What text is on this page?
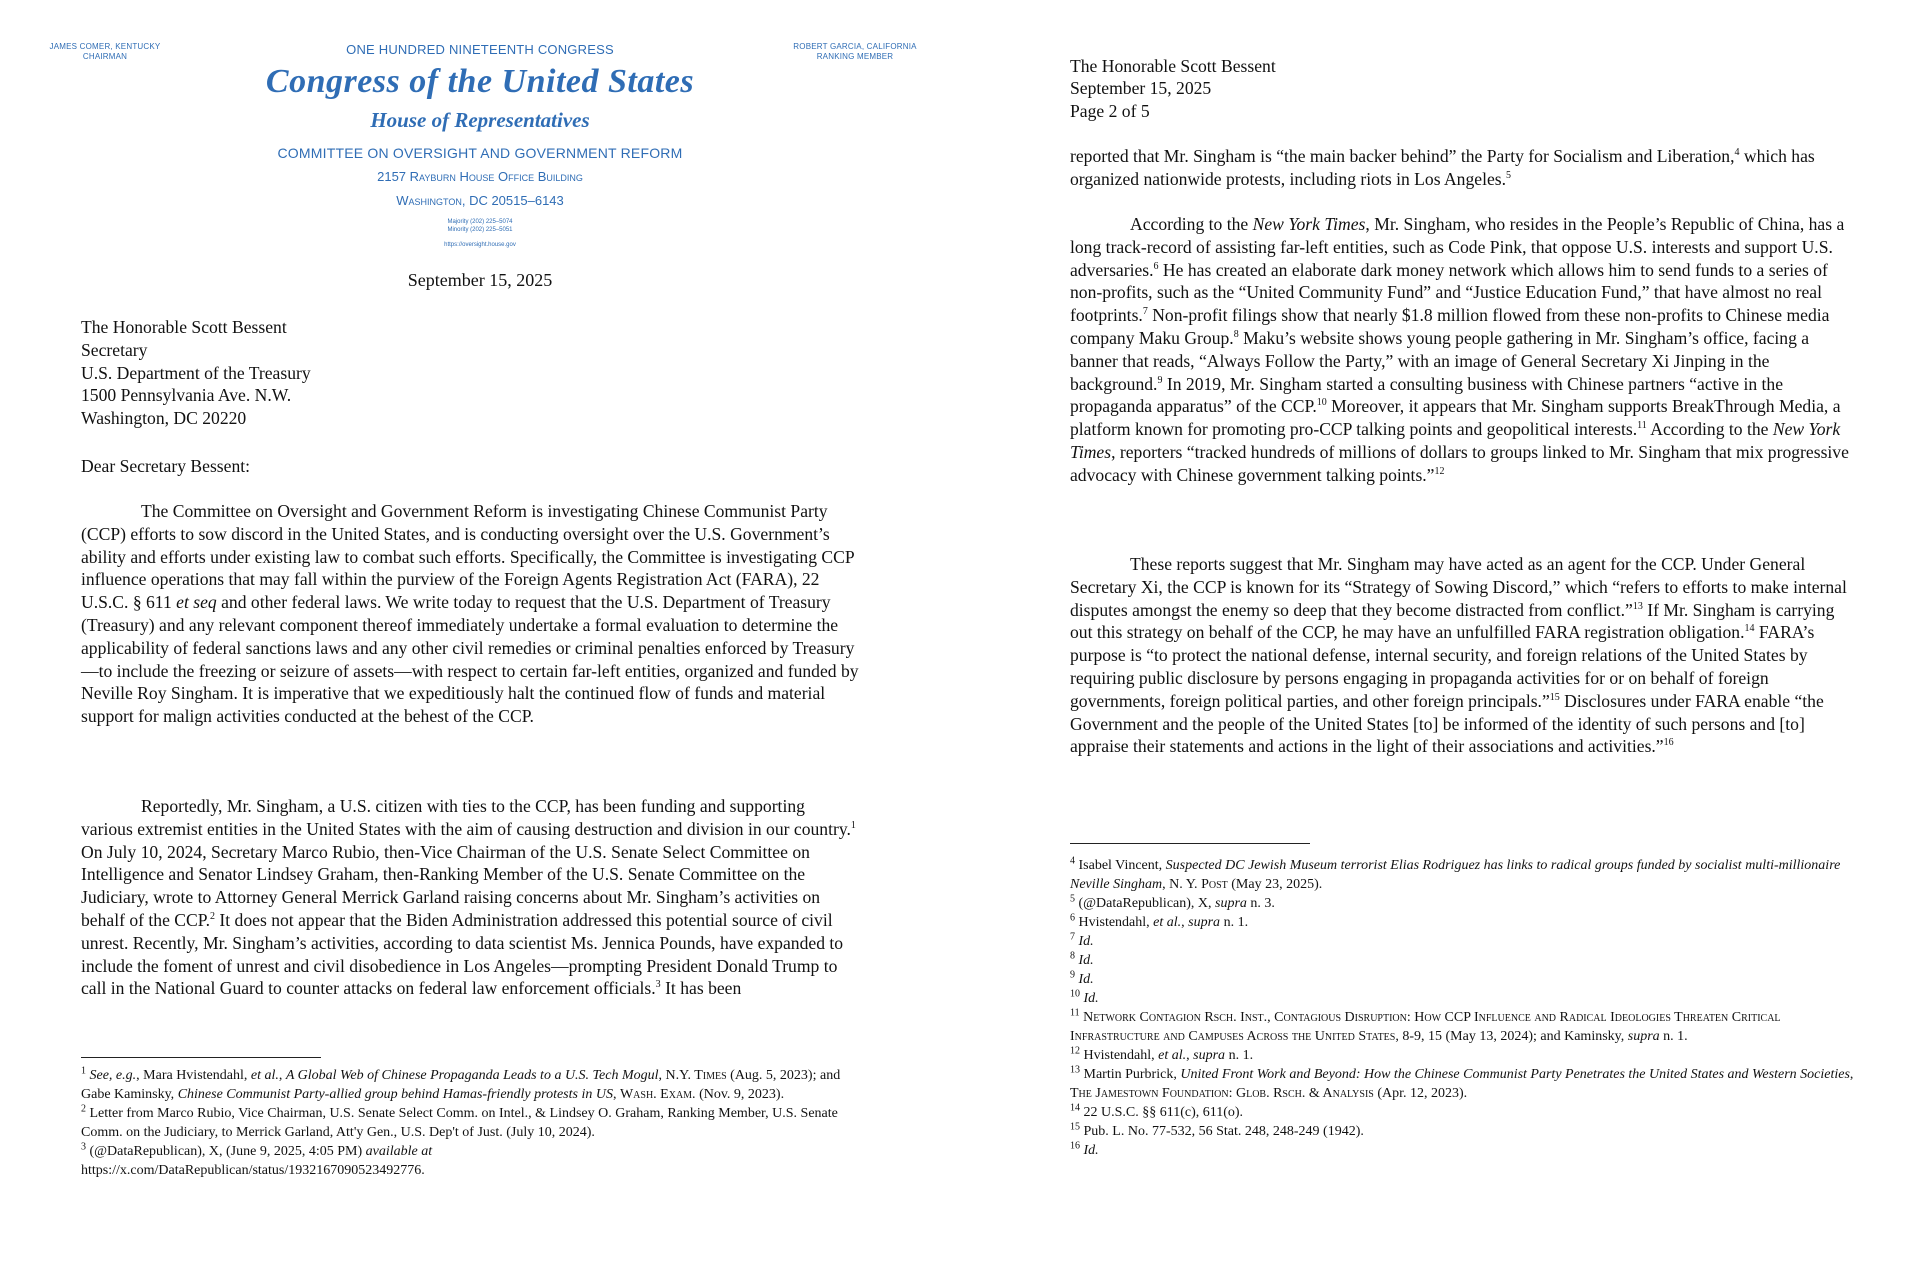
JAMES COMER, KENTUCKY
CHAIRMAN
ROBERT GARCIA, CALIFORNIA
RANKING MEMBER
ONE HUNDRED NINETEENTH CONGRESS
Congress of the United States
House of Representatives
COMMITTEE ON OVERSIGHT AND GOVERNMENT REFORM
2157 Rayburn House Office Building
Washington, DC 20515–6143
Majority (202) 225–5074
Minority (202) 225–5051
https://oversight.house.gov
September 15, 2025
The Honorable Scott Bessent
Secretary
U.S. Department of the Treasury
1500 Pennsylvania Ave. N.W.
Washington, DC 20220
Dear Secretary Bessent:

The Committee on Oversight and Government Reform is investigating Chinese Communist Party (CCP) efforts to sow discord in the United States, and is conducting oversight over the U.S. Government’s ability and efforts under existing law to combat such efforts. Specifically, the Committee is investigating CCP influence operations that may fall within the purview of the Foreign Agents Registration Act (FARA), 22 U.S.C. § 611 et seq and other federal laws. We write today to request that the U.S. Department of Treasury (Treasury) and any relevant component thereof immediately undertake a formal evaluation to determine the applicability of federal sanctions laws and any other civil remedies or criminal penalties enforced by Treasury—to include the freezing or seizure of assets—with respect to certain far-left entities, organized and funded by Neville Roy Singham. It is imperative that we expeditiously halt the continued flow of funds and material support for malign activities conducted at the behest of the CCP.

Reportedly, Mr. Singham, a U.S. citizen with ties to the CCP, has been funding and supporting various extremist entities in the United States with the aim of causing destruction and division in our country.$^1$ On July 10, 2024, Secretary Marco Rubio, then-Vice Chairman of the U.S. Senate Select Committee on Intelligence and Senator Lindsey Graham, then-Ranking Member of the U.S. Senate Committee on the Judiciary, wrote to Attorney General Merrick Garland raising concerns about Mr. Singham’s activities on behalf of the CCP.$^2$ It does not appear that the Biden Administration addressed this potential source of civil unrest. Recently, Mr. Singham’s activities, according to data scientist Ms. Jennica Pounds, have expanded to include the foment of unrest and civil disobedience in Los Angeles—prompting President Donald Trump to call in the National Guard to counter attacks on federal law enforcement officials.$^3$ It has been

$^1$ See, e.g., Mara Hvistendahl, et al., A Global Web of Chinese Propaganda Leads to a U.S. Tech Mogul, N.Y. Times (Aug. 5, 2023); and Gabe Kaminsky, Chinese Communist Party-allied group behind Hamas-friendly protests in US, Wash. Exam. (Nov. 9, 2023).

$^2$ Letter from Marco Rubio, Vice Chairman, U.S. Senate Select Comm. on Intel., & Lindsey O. Graham, Ranking Member, U.S. Senate Comm. on the Judiciary, to Merrick Garland, Att'y Gen., U.S. Dep't of Just. (July 10, 2024).

$^3$ (@DataRepublican), X, (June 9, 2025, 4:05 PM) available at
https://x.com/DataRepublican/status/1932167090523492776.

The Honorable Scott Bessent
September 15, 2025
Page 2 of 5

reported that Mr. Singham is “the main backer behind” the Party for Socialism and Liberation,$^4$ which has organized nationwide protests, including riots in Los Angeles.$^5$

According to the New York Times, Mr. Singham, who resides in the People’s Republic of China, has a long track-record of assisting far-left entities, such as Code Pink, that oppose U.S. interests and support U.S. adversaries.$^6$ He has created an elaborate dark money network which allows him to send funds to a series of non-profits, such as the “United Community Fund” and “Justice Education Fund,” that have almost no real footprints.$^7$ Non-profit filings show that nearly $1.8 million flowed from these non-profits to Chinese media company Maku Group.$^8$ Maku’s website shows young people gathering in Mr. Singham’s office, facing a banner that reads, “Always Follow the Party,” with an image of General Secretary Xi Jinping in the background.$^9$ In 2019, Mr. Singham started a consulting business with Chinese partners “active in the propaganda apparatus” of the CCP.$^{10}$ Moreover, it appears that Mr. Singham supports BreakThrough Media, a platform known for promoting pro-CCP talking points and geopolitical interests.$^{11}$ According to the New York Times, reporters “tracked hundreds of millions of dollars to groups linked to Mr. Singham that mix progressive advocacy with Chinese government talking points.”$^{12}$

These reports suggest that Mr. Singham may have acted as an agent for the CCP. Under General Secretary Xi, the CCP is known for its “Strategy of Sowing Discord,” which “refers to efforts to make internal disputes amongst the enemy so deep that they become distracted from conflict.”$^{13}$ If Mr. Singham is carrying out this strategy on behalf of the CCP, he may have an unfulfilled FARA registration obligation.$^{14}$ FARA’s purpose is “to protect the national defense, internal security, and foreign relations of the United States by requiring public disclosure by persons engaging in propaganda activities for or on behalf of foreign governments, foreign political parties, and other foreign principals.”$^{15}$ Disclosures under FARA enable “the Government and the people of the United States [to] be informed of the identity of such persons and [to] appraise their statements and actions in the light of their associations and activities.”$^{16}$

$^4$ Isabel Vincent, Suspected DC Jewish Museum terrorist Elias Rodriguez has links to radical groups funded by socialist multi-millionaire Neville Singham, N. Y. Post (May 23, 2025).

$^5$ (@DataRepublican), X, supra n. 3.

$^6$ Hvistendahl, et al., supra n. 1.

$^7$ Id.

$^8$ Id.

$^9$ Id.

$^{10}$ Id.

$^{11}$ Network Contagion Rsch. Inst., Contagious Disruption: How CCP Influence and Radical Ideologies Threaten Critical Infrastructure and Campuses Across the United States, 8-9, 15 (May 13, 2024); and Kaminsky, supra n. 1.

$^{12}$ Hvistendahl, et al., supra n. 1.

$^{13}$ Martin Purbrick, United Front Work and Beyond: How the Chinese Communist Party Penetrates the United States and Western Societies, The Jamestown Foundation: Glob. Rsch. & Analysis (Apr. 12, 2023).

$^{14}$ 22 U.S.C. §§ 611(c), 611(o).

$^{15}$ Pub. L. No. 77-532, 56 Stat. 248, 248-249 (1942).

$^{16}$ Id.
